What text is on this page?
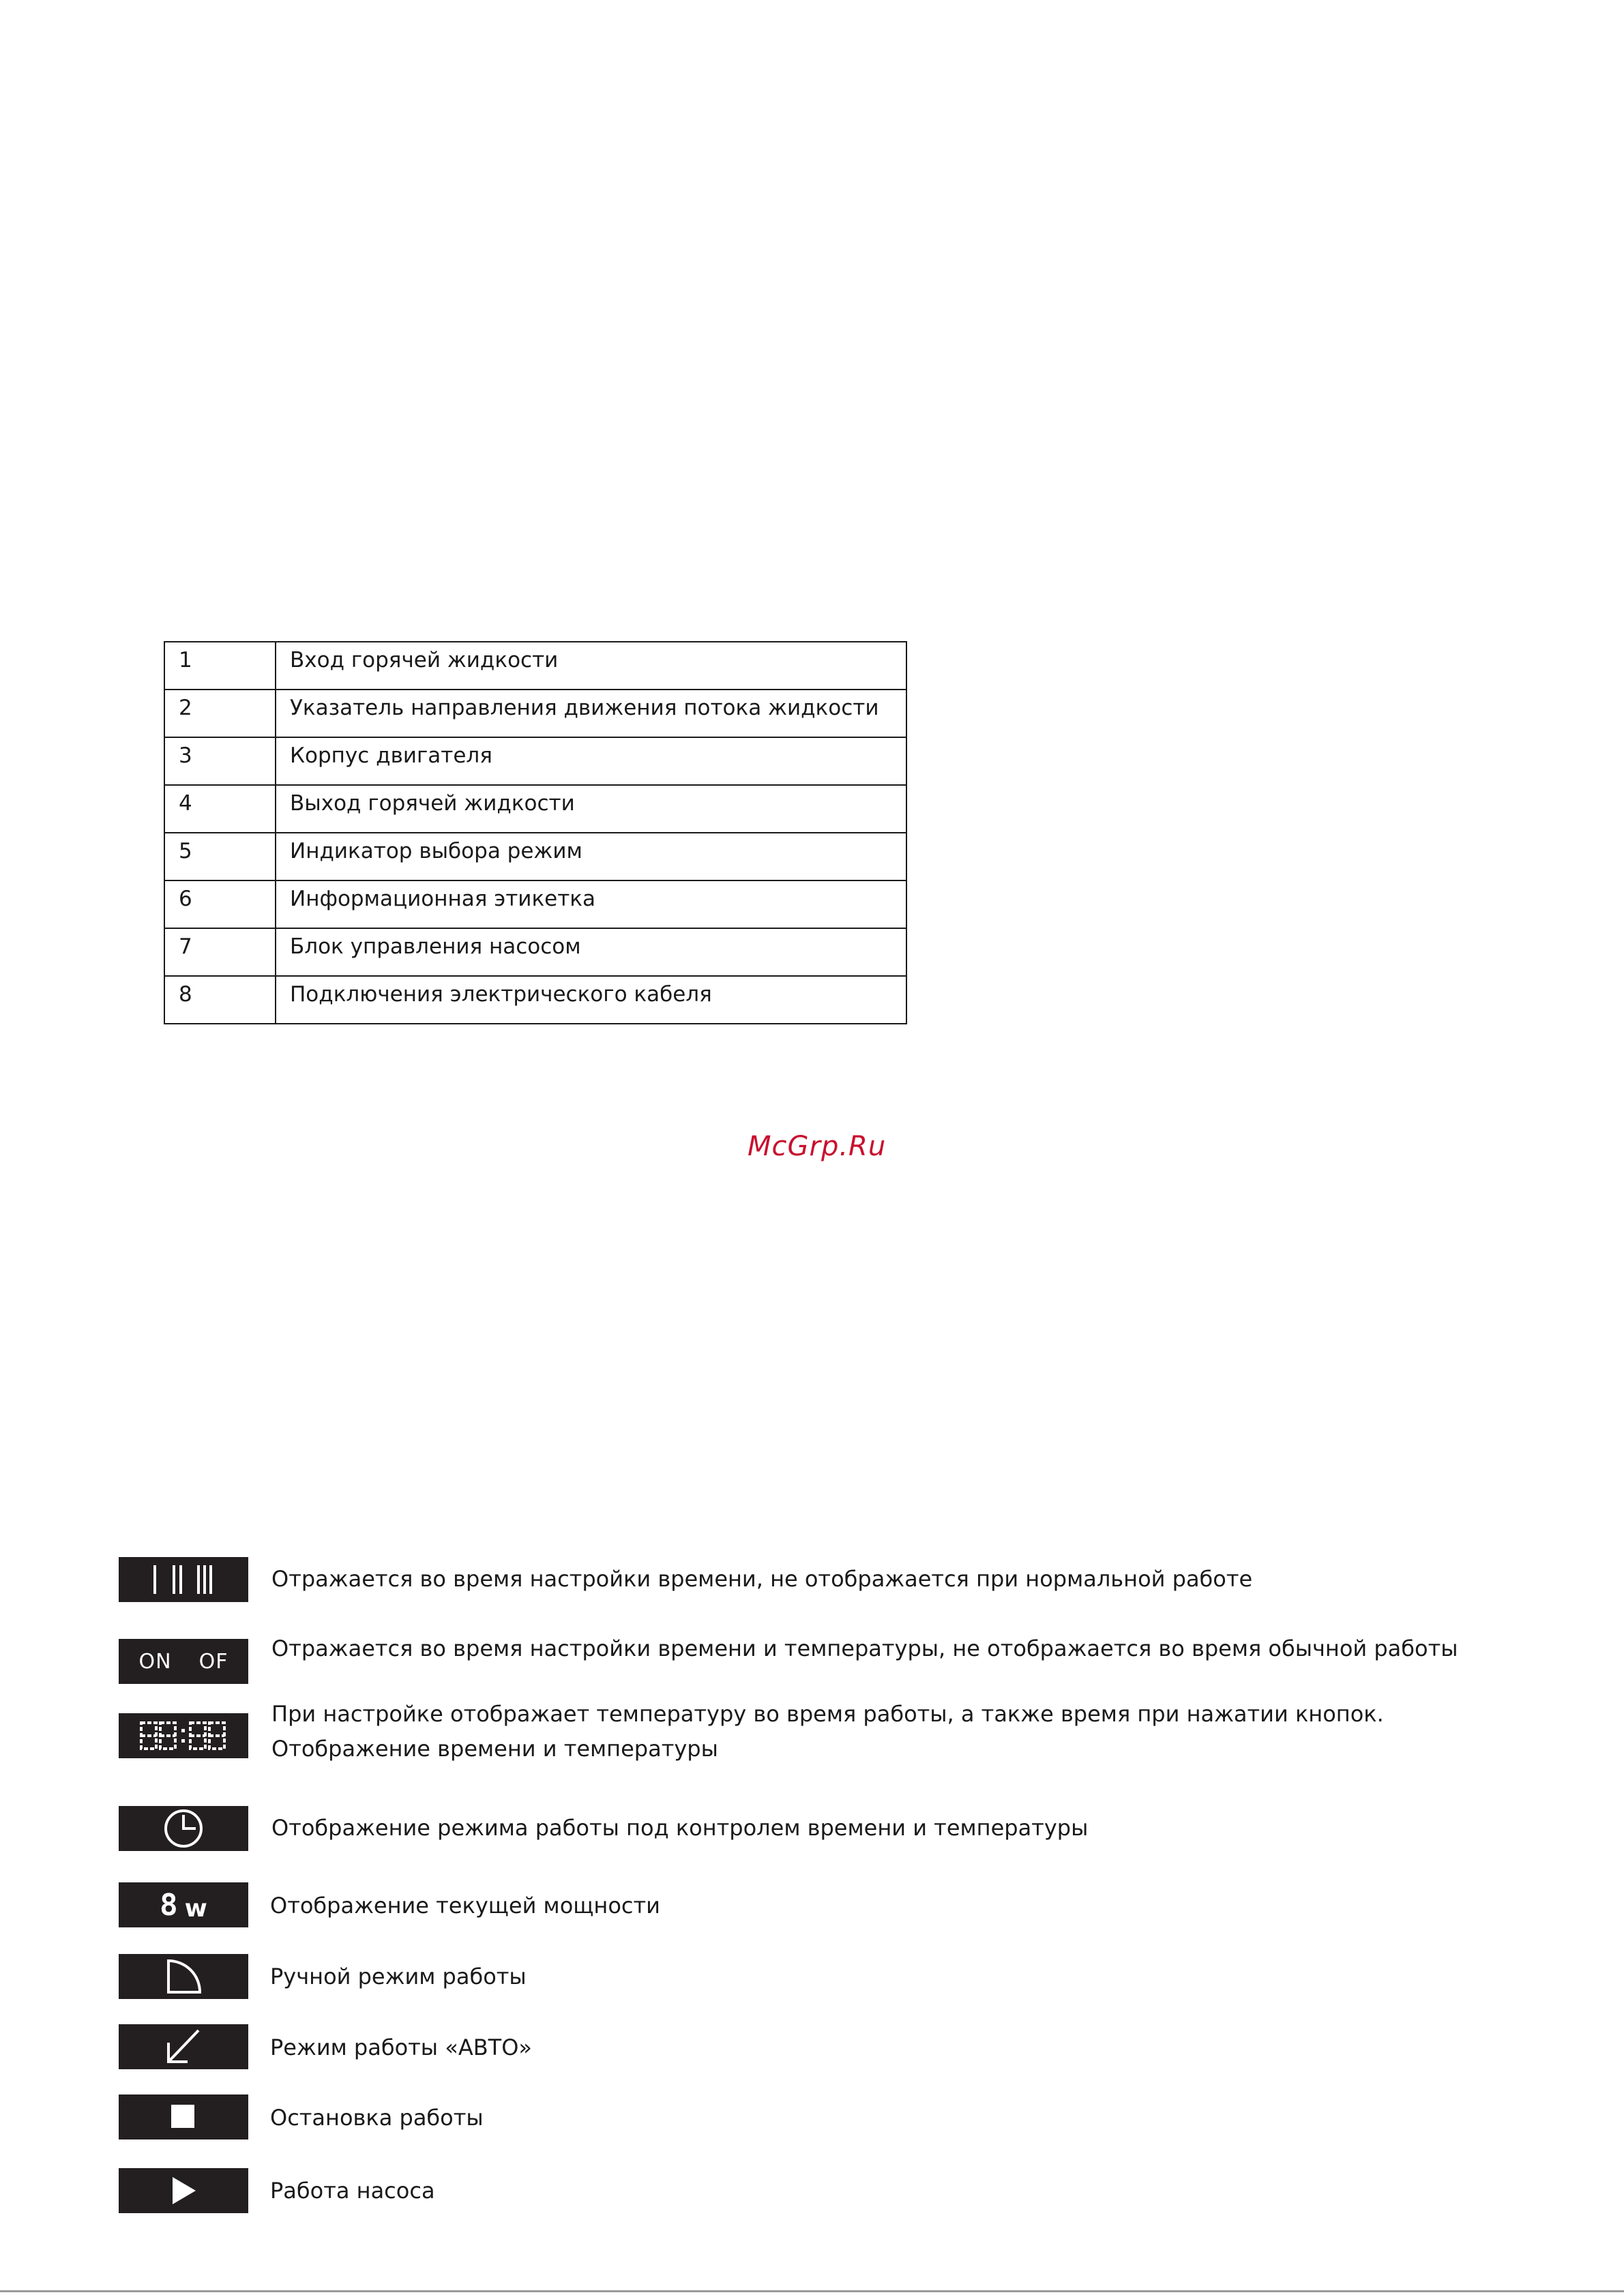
1	Вход горячей жидкости
2	Указатель направления движения потока жидкости
3	Корпус двигателя
4	Выход горячей жидкости
5	Индикатор выбора режим
6	Информационная этикетка
7	Блок управления насосом
8	Подключения электрического кабеля
McGrp.Ru
Отражается во время настройки времени, не отображается при нормальной работе
ON OF Отражается во время настройки времени и температуры, не отображается во время обычной работы
При настройке отображает температуру во время работы, а также время при нажатии кнопок.
Отображение времени и температуры
Отображение режима работы под контролем времени и температуры
8 w	Отображение текущей мощности
Ручной режим работы
Режим работы «АВТО»
Остановка работы
Работа насоса
